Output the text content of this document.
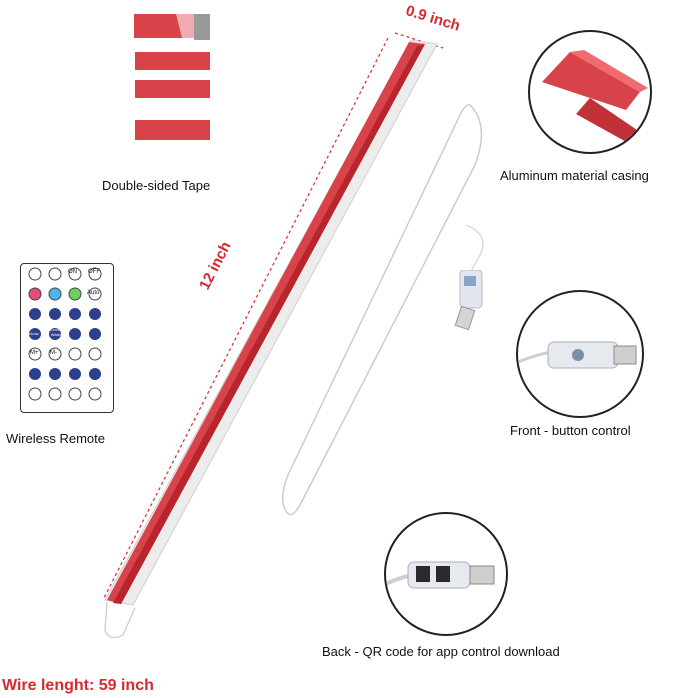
Double-sided Tape
0.9 inch
12 inch
ON OFF
Auto
Rainbow
Running Water
M+ M-
Wireless Remote
Aluminum material casing
Front - button control
Back - QR code for app control download
Wire lenght: 59 inch
